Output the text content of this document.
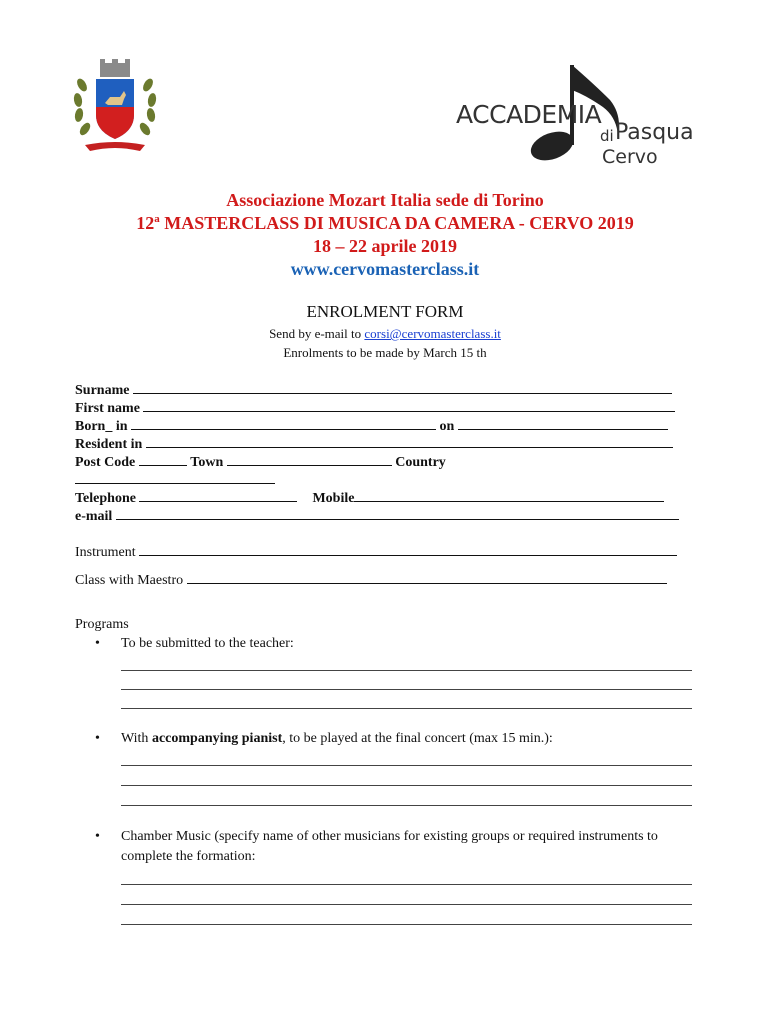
ACCADEMIA
di Pasqua
Cervo
Associazione Mozart Italia sede di Torino
12$^a$ MASTERCLASS DI MUSICA DA CAMERA - CERVO 2019
18 – 22 aprile 2019
www.cervomasterclass.it
ENROLMENT FORM
Send by e-mail to corsi@cervomasterclass.it
Enrolments to be made by March 15 th
Surname
First name
Born_ in	on
Resident in
Post Code	Town	Country
Telephone	Mobile
e-mail
Instrument
Class with Maestro
Programs
• To be submitted to the teacher:
• With accompanying pianist, to be played at the final concert (max 15 min.):
• Chamber Music (specify name of other musicians for existing groups or required instruments to complete the formation:
